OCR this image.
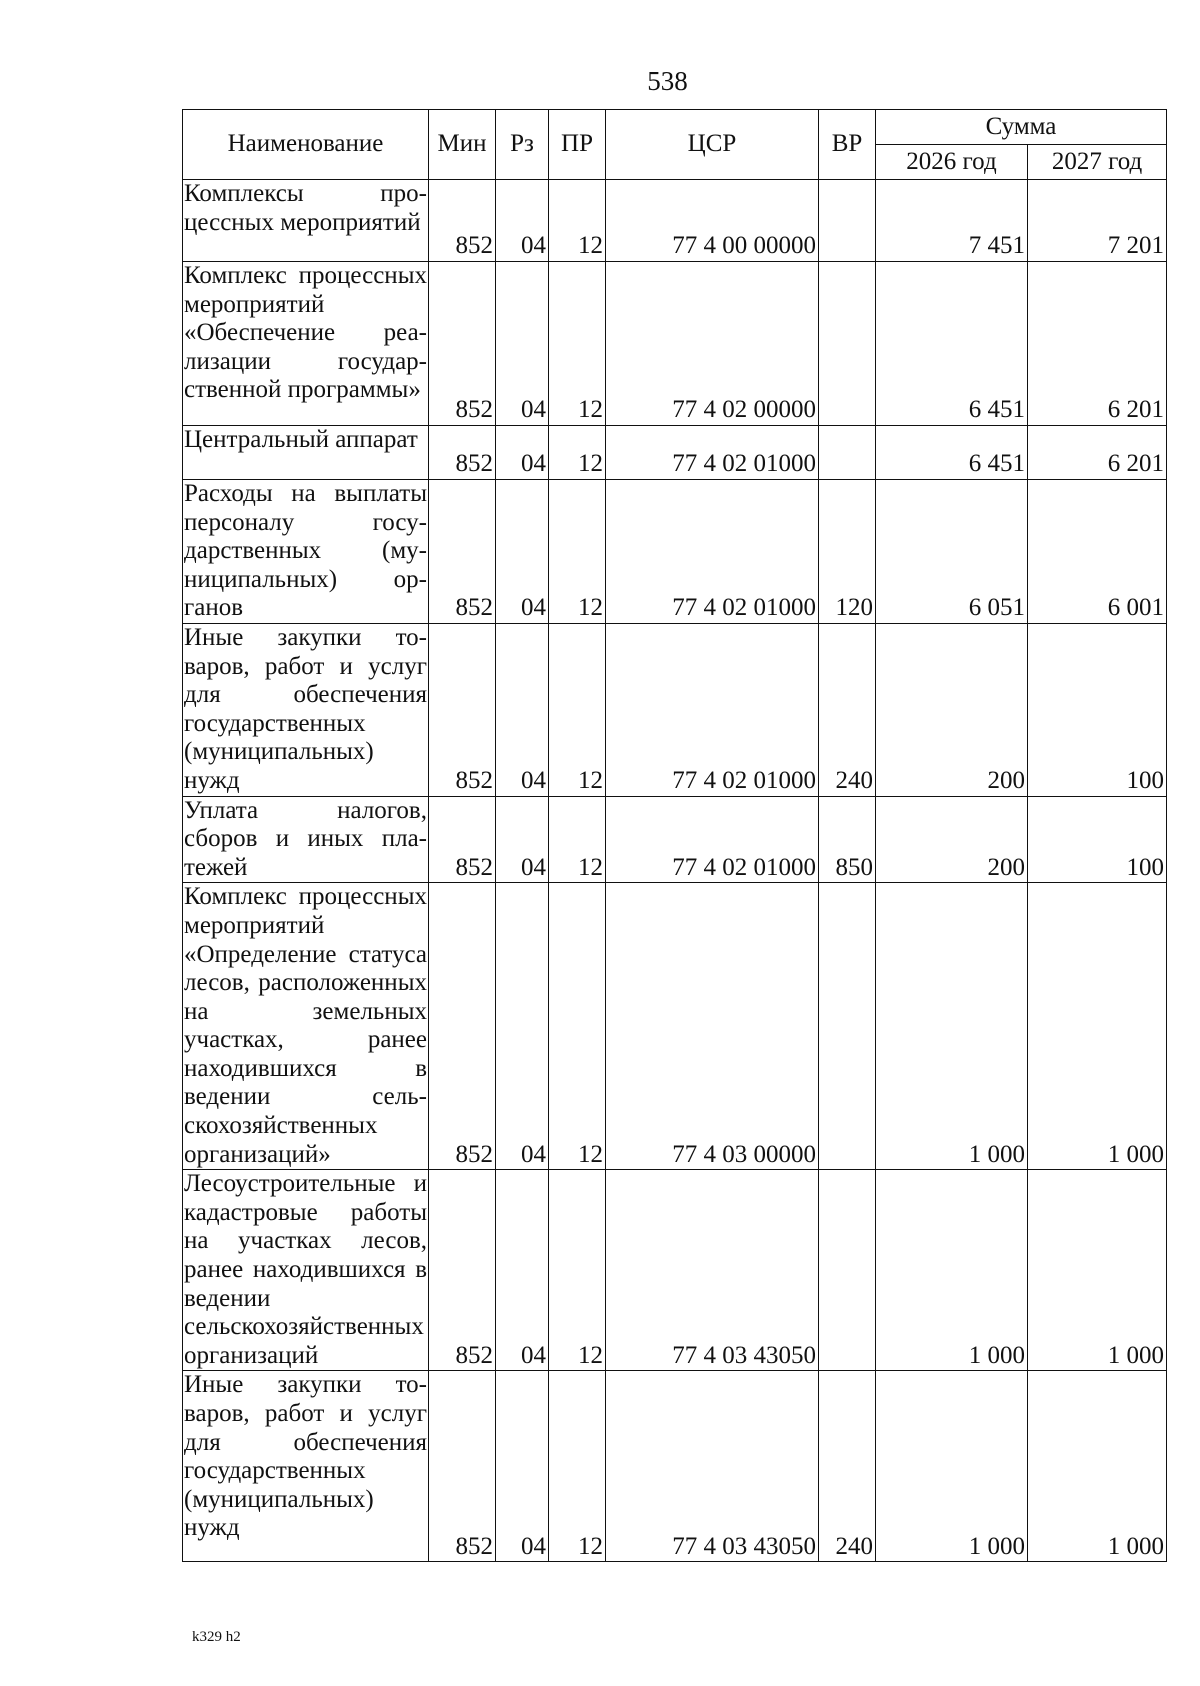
538
Наименование	Мин	Рз	ПР	ЦСР	ВР	Сумма	
						2026 год	2027 год
Комплексы процессных мероприятий	852	04	12	77 4 00 00000		7 451	7 201
Комплекс процессных мероприятий «Обеспечение реализации государственной программы»	852	04	12	77 4 02 00000		6 451	6 201
Центральный аппарат	852	04	12	77 4 02 01000		6 451	6 201
Расходы на выплаты персоналу государственных (муниципальных) органов	852	04	12	77 4 02 01000	120	6 051	6 001
Иные закупки товаров, работ и услуг для обеспечения государственных (муниципальных) нужд	852	04	12	77 4 02 01000	240	200	100
Уплата налогов, сборов и иных платежей	852	04	12	77 4 02 01000	850	200	100
Комплекс процессных мероприятий «Определение статуса лесов, расположенных на земельных участках, ранее находившихся в ведении сельскохозяйственных организаций»	852	04	12	77 4 03 00000		1 000	1 000
Лесоустроительные и кадастровые работы на участках лесов, ранее находившихся в ведении сельскохозяйственных организаций	852	04	12	77 4 03 43050		1 000	1 000
Иные закупки товаров, работ и услуг для обеспечения государственных (муниципальных) нужд	852	04	12	77 4 03 43050	240	1 000	1 000
k329 h2
